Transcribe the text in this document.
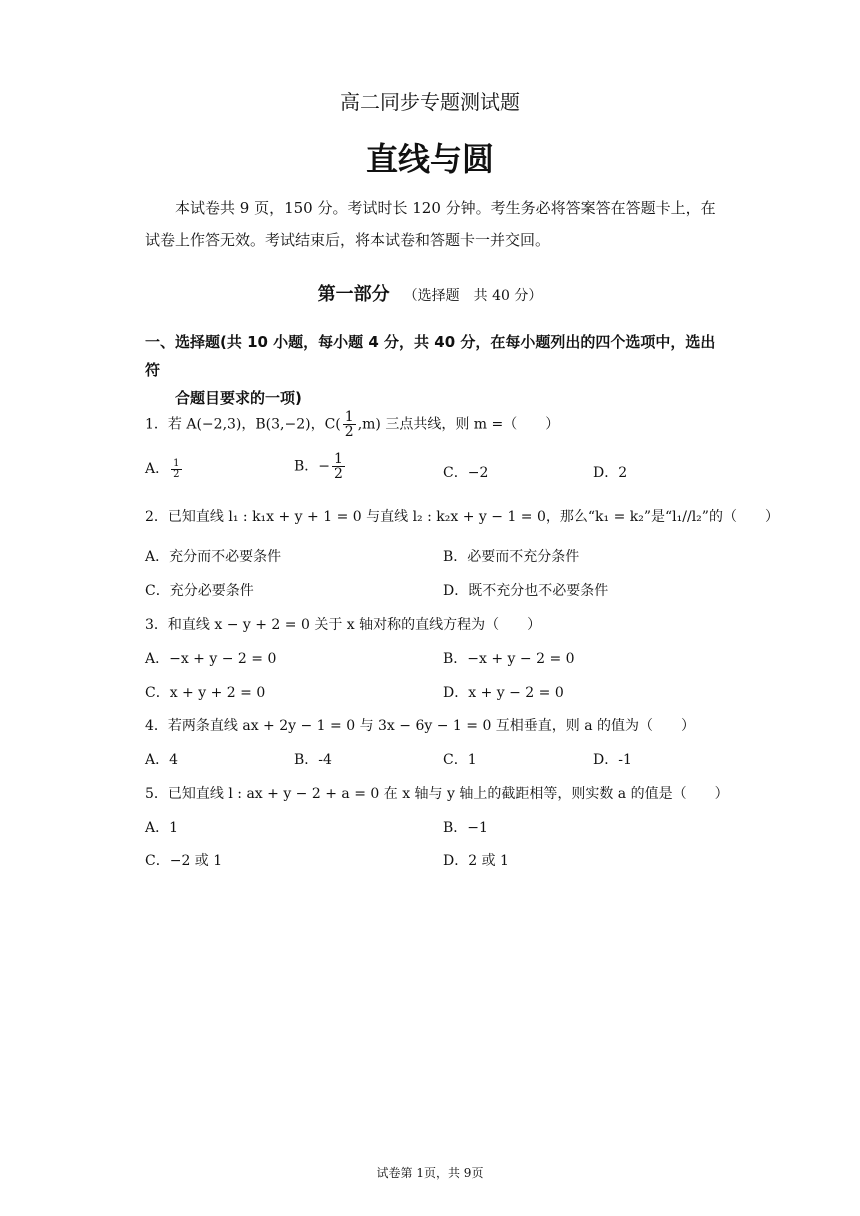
高二同步专题测试题
直线与圆
本试卷共 9 页，150 分。考试时长 120 分钟。考生务必将答案答在答题卡上，在试卷上作答无效。考试结束后，将本试卷和答题卡一并交回。
第一部分 （选择题　共 40 分）
一、选择题(共 10 小题，每小题 4 分，共 40 分，在每小题列出的四个选项中，选出符
合题目要求的一项)
1．若 A(−2,3)，B(3,−2)，$C( \frac{1}{2} ,m)$ 三点共线，则 m =（　　）
A． $\frac{1}{2}$	B．− $\frac{1}{2}$	C．−2	D．2
2．已知直线 l₁ : k₁x + y + 1 = 0 与直线 l₂ : k₂x + y − 1 = 0，那么“k₁ = k₂”是“l₁//l₂”的（　　）
A．充分而不必要条件	B．必要而不充分条件
C．充分必要条件	D．既不充分也不必要条件
3．和直线 x − y + 2 = 0 关于 x 轴对称的直线方程为（　　）
A．−x + y − 2 = 0	B．−x + y − 2 = 0
C．x + y + 2 = 0	D．x + y − 2 = 0
4．若两条直线 ax + 2y − 1 = 0 与 3x − 6y − 1 = 0 互相垂直，则 a 的值为（　　）
A．4	B．-4	C．1	D．-1
5．已知直线 l : ax + y − 2 + a = 0 在 x 轴与 y 轴上的截距相等，则实数 a 的值是（　　）
A．1	B．−1
C．−2 或 1	D．2 或 1
试卷第 1页，共 9页
